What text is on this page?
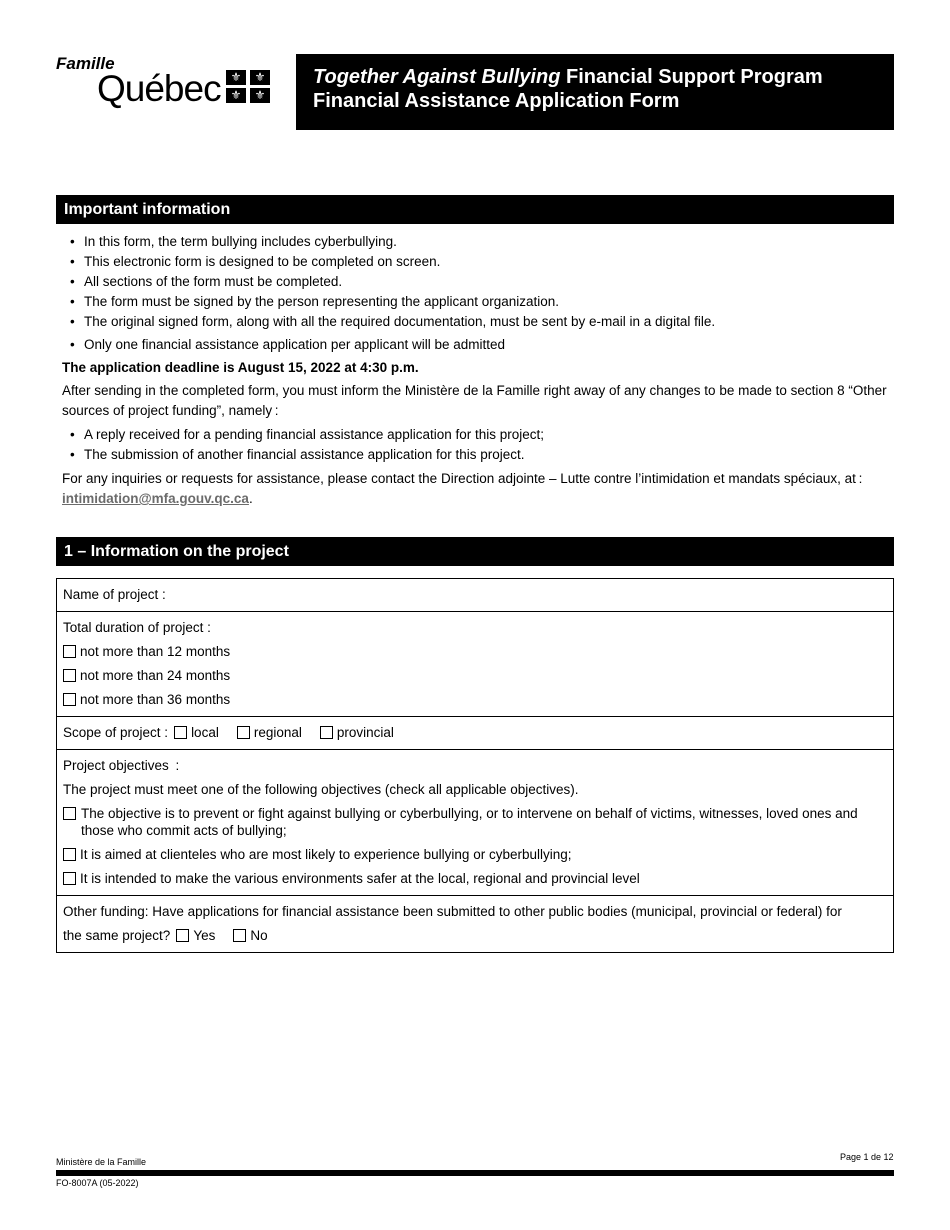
Famille
Québec ⚜	⚜
⚜	⚜
Together Against Bullying Financial Support Program
Financial Assistance Application Form
Important information
• In this form, the term bullying includes cyberbullying.
• This electronic form is designed to be completed on screen.
• All sections of the form must be completed.
• The form must be signed by the person representing the applicant organization.
• The original signed form, along with all the required documentation, must be sent by e-mail in a digital file.
• Only one financial assistance application per applicant will be admitted

The application deadline is August 15, 2022 at 4:30 p.m.

After sending in the completed form, you must inform the Ministère de la Famille right away of any changes to be made to section 8 “Other sources of project funding”, namely :

• A reply received for a pending financial assistance application for this project;
• The submission of another financial assistance application for this project.

For any inquiries or requests for assistance, please contact the Direction adjointe – Lutte contre l’intimidation et mandats spéciaux, at : intimidation@mfa.gouv.qc.ca.

1 – Information on the project
Name of project :
Total duration of project :
not more than 12 months
not more than 24 months
not more than 36 months
Scope of project : local	regional	provincial
Project objectives :
The project must meet one of the following objectives (check all applicable objectives).
The objective is to prevent or fight against bullying or cyberbullying, or to intervene on behalf of victims, witnesses, loved ones and those who commit acts of bullying;
It is aimed at clienteles who are most likely to experience bullying or cyberbullying;
It is intended to make the various environments safer at the local, regional and provincial level
Other funding: Have applications for financial assistance been submitted to other public bodies (municipal, provincial or federal) for
the same project? Yes	No
Ministère de la Famille	Page 1 de 12
FO-8007A (05-2022)
